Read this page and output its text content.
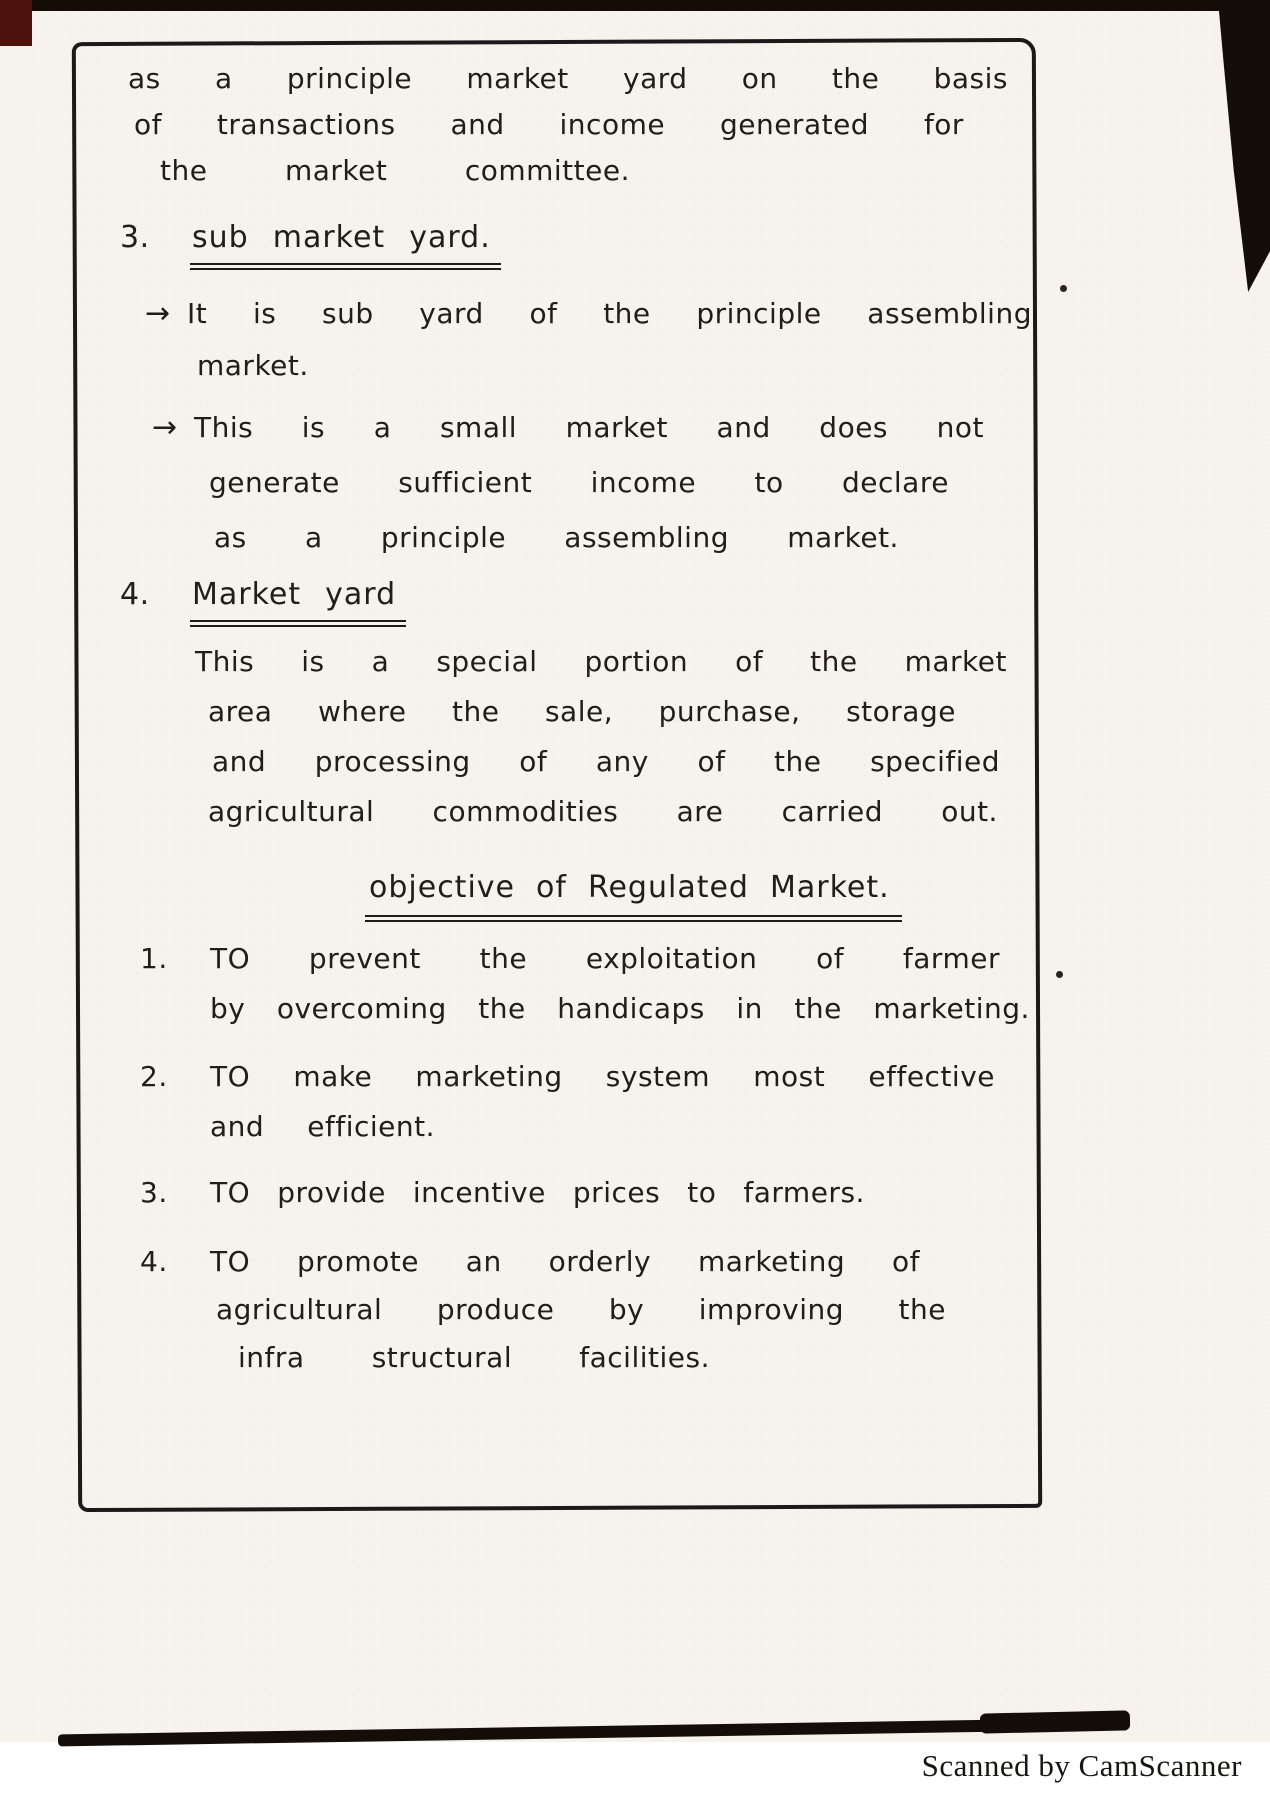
as a principle market yard on the basis
of transactions and income generated for
the	market	committee.
3.	sub market yard.
→ It is sub yard of the principle assembling
market.
→ This is a small market and does not
generate sufficient income to declare
as a principle assembling market.
4.	Market yard
This is a special portion of the market
area where the sale, purchase, storage
and processing of any of the specified
agricultural commodities are carried out.
objective of Regulated Market.
1.	TO prevent the exploitation of farmer
by overcoming the handicaps in the marketing.
2.	TO make marketing system most effective
and efficient.
3.	TO provide incentive prices to farmers.
4.	TO promote an orderly marketing of
agricultural produce by improving the
infra structural facilities.
Scanned by CamScanner
